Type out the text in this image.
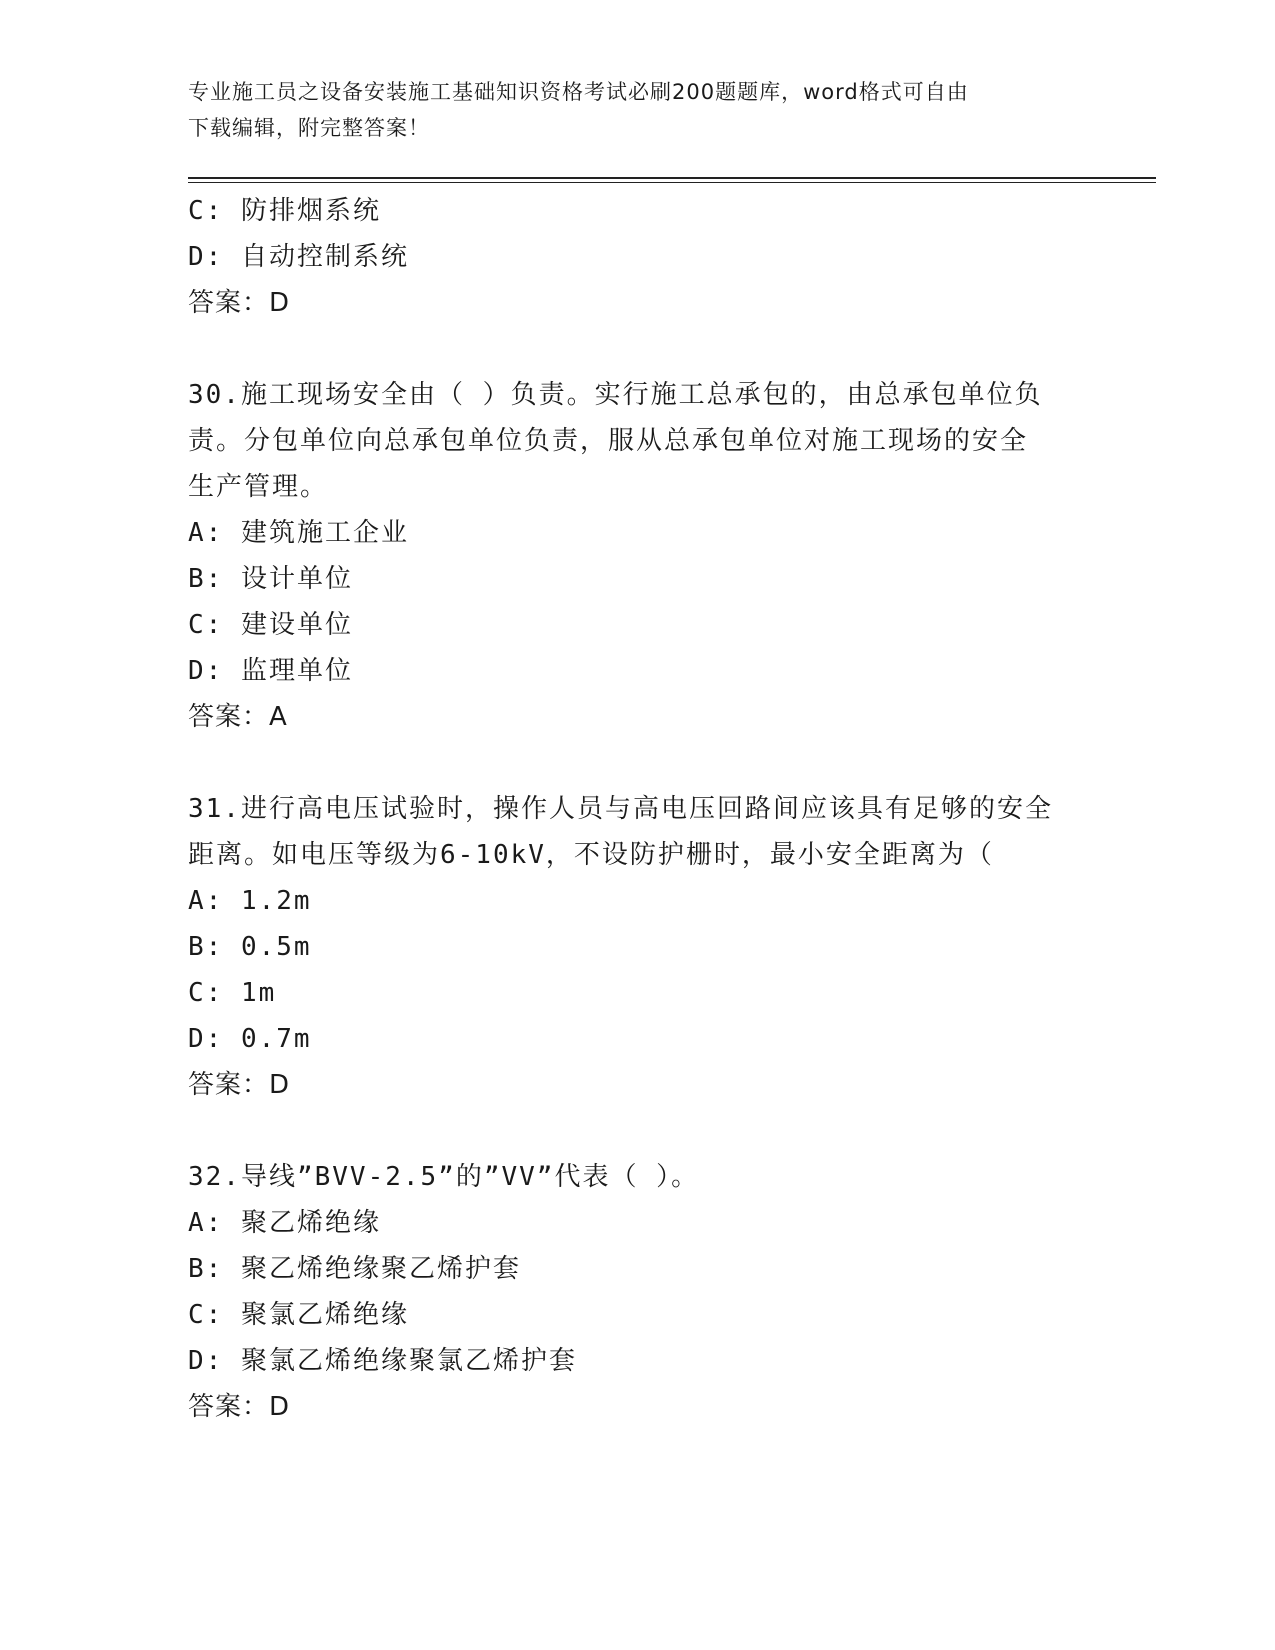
专业施工员之设备安装施工基础知识资格考试必刷200题题库，word格式可自由
下载编辑，附完整答案！
C: 防排烟系统
D: 自动控制系统
答案：D
30.施工现场安全由（ ）负责。实行施工总承包的，由总承包单位负
责。分包单位向总承包单位负责，服从总承包单位对施工现场的安全
生产管理。
A: 建筑施工企业
B: 设计单位
C: 建设单位
D: 监理单位
答案：A
31.进行高电压试验时，操作人员与高电压回路间应该具有足够的安全
距离。如电压等级为6-10kV，不设防护栅时，最小安全距离为（
A: 1.2m
B: 0.5m
C: 1m
D: 0.7m
答案：D
32.导线”BVV-2.5”的”VV”代表（ ）。
A: 聚乙烯绝缘
B: 聚乙烯绝缘聚乙烯护套
C: 聚氯乙烯绝缘
D: 聚氯乙烯绝缘聚氯乙烯护套
答案：D
